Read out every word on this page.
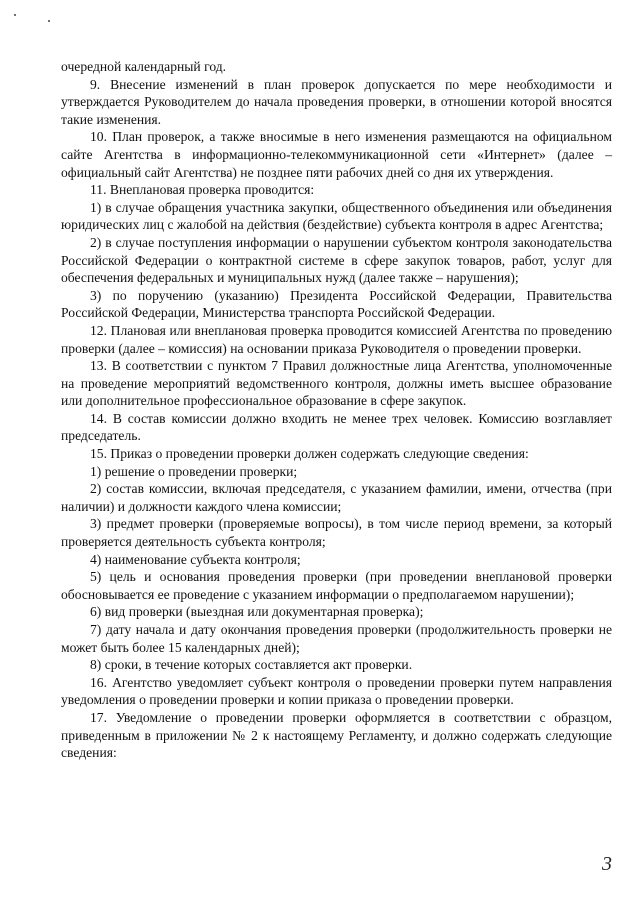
очередной календарный год.

9. Внесение изменений в план проверок допускается по мере необходимости и утверждается Руководителем до начала проведения проверки, в отношении которой вносятся такие изменения.

10. План проверок, а также вносимые в него изменения размещаются на официальном сайте Агентства в информационно-телекоммуникационной сети «Интернет» (далее – официальный сайт Агентства) не позднее пяти рабочих дней со дня их утверждения.

11. Внеплановая проверка проводится:

1) в случае обращения участника закупки, общественного объединения или объединения юридических лиц с жалобой на действия (бездействие) субъекта контроля в адрес Агентства;

2) в случае поступления информации о нарушении субъектом контроля законодательства Российской Федерации о контрактной системе в сфере закупок товаров, работ, услуг для обеспечения федеральных и муниципальных нужд (далее также – нарушения);

3) по поручению (указанию) Президента Российской Федерации, Правительства Российской Федерации, Министерства транспорта Российской Федерации.

12. Плановая или внеплановая проверка проводится комиссией Агентства по проведению проверки (далее – комиссия) на основании приказа Руководителя о проведении проверки.

13. В соответствии с пунктом 7 Правил должностные лица Агентства, уполномоченные на проведение мероприятий ведомственного контроля, должны иметь высшее образование или дополнительное профессиональное образование в сфере закупок.

14. В состав комиссии должно входить не менее трех человек. Комиссию возглавляет председатель.

15. Приказ о проведении проверки должен содержать следующие сведения:

1) решение о проведении проверки;

2) состав комиссии, включая председателя, с указанием фамилии, имени, отчества (при наличии) и должности каждого члена комиссии;

3) предмет проверки (проверяемые вопросы), в том числе период времени, за который проверяется деятельность субъекта контроля;

4) наименование субъекта контроля;

5) цель и основания проведения проверки (при проведении внеплановой проверки обосновывается ее проведение с указанием информации о предполагаемом нарушении);

6) вид проверки (выездная или документарная проверка);

7) дату начала и дату окончания проведения проверки (продолжительность проверки не может быть более 15 календарных дней);

8) сроки, в течение которых составляется акт проверки.

16. Агентство уведомляет субъект контроля о проведении проверки путем направления уведомления о проведении проверки и копии приказа о проведении проверки.

17. Уведомление о проведении проверки оформляется в соответствии с образцом, приведенным в приложении № 2 к настоящему Регламенту, и должно содержать следующие сведения:

3
